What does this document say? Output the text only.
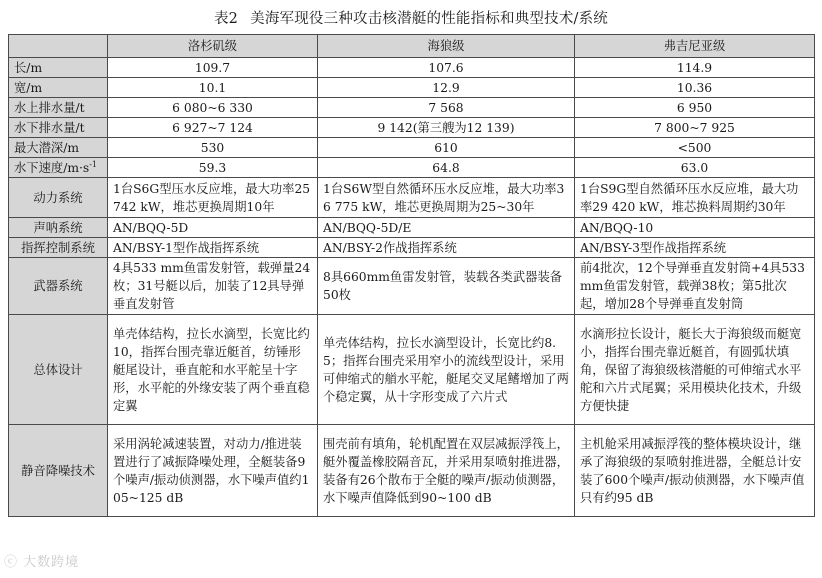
表2 美海军现役三种攻击核潜艇的性能指标和典型技术/系统
	洛杉矶级	海狼级	弗吉尼亚级
长/m	109.7	107.6	114.9
宽/m	10.1	12.9	10.36
水上排水量/t	6 080~6 330	7 568	6 950
水下排水量/t	6 927~7 124	9 142(第三艘为12 139)	7 800~7 925
最大潜深/m	530	610	<500
水下速度$/m\cdot s^{-1}$	59.3	64.8	63.0
动力系统	1台S6G型压水反应堆，最大功率25 742 kW，堆芯更换周期10年	1台S6W型自然循环压水反应堆，最大功率36 775 kW，堆芯更换周期为25~30年	1台S9G型自然循环压水反应堆，最大功率29 420 kW，堆芯换料周期约30年
声呐系统	AN/BQQ-5D	AN/BQQ-5D/E	AN/BQQ-10
指挥控制系统	AN/BSY-1型作战指挥系统	AN/BSY-2作战指挥系统	AN/BSY-3型作战指挥系统
武器系统	4具533 mm鱼雷发射管，载弹量24枚；31号艇以后，加装了12具导弹垂直发射管	8具660mm鱼雷发射管，装载各类武器装备50枚	前4批次，12个导弹垂直发射筒+4具533 mm鱼雷发射管，载弹38枚；第5批次起，增加28个导弹垂直发射筒
总体设计	单壳体结构，拉长水滴型，长宽比约10，指挥台围壳靠近艇首，纺锤形艇尾设计，垂直舵和水平舵呈十字形，水平舵的外缘安装了两个垂直稳定翼	单壳体结构，拉长水滴型设计，长宽比约8.5；指挥台围壳采用窄小的流线型设计，采用可伸缩式的艏水平舵，艇尾交叉尾鳍增加了两个稳定翼，从十字形变成了六片式	水滴形拉长设计，艇长大于海狼级而艇宽小，指挥台围壳靠近艇首，有圆弧状填角，保留了海狼级核潜艇的可伸缩式水平舵和六片式尾翼；采用模块化技术，升级方便快捷
静音降噪技术	采用涡轮减速装置，对动力/推进装置进行了减振降噪处理，全艇装备9个噪声/振动侦测器，水下噪声值约105~125 dB	围壳前有填角，轮机配置在双层减振浮筏上，艇外覆盖橡胶隔音瓦，并采用泵喷射推进器，装备有26个散布于全艇的噪声/振动侦测器，水下噪声值降低到90~100 dB	主机舱采用减振浮筏的整体模块设计，继承了海狼级的泵喷射推进器，全艇总计安装了600个噪声/振动侦测器，水下噪声值只有约95 dB
ⓒ 大数跨境
